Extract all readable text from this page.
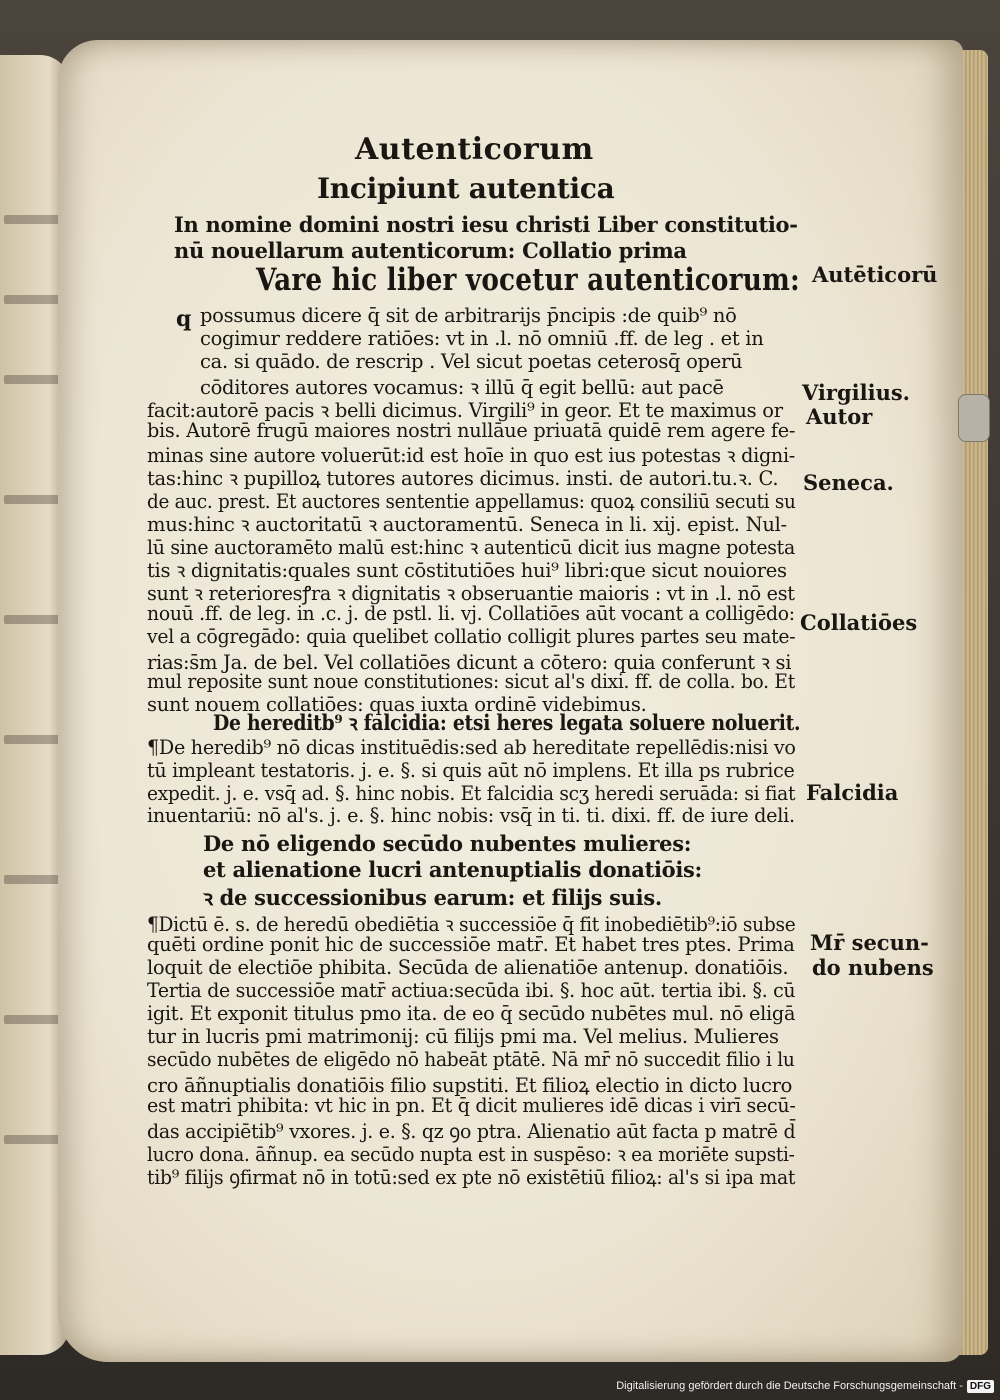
Autenticorum
Incipiunt autentica
In nomine domini nostri iesu christi Liber constitutio-
nū nouellarum autenticorum: Collatio prima
Vare hic liber vocetur autenticorum:
q possumus dicere q̄ sit de arbitrarijs p̄ncipis :de quib⁹ nō
cogimur reddere ratiōes: vt in .l. nō omniū .ff. de leg . et in
ca. si quādo. de rescrip . Vel sicut poetas ceterosq̄ operū
cōditores autores vocamus: ꝛ illū q̄ egit bellū: aut pacē
facit:autorē pacis ꝛ belli dicimus. Virgili⁹ in geor. Et te maximus or
bis. Autorē frugū maiores nostri nullāue priuatā quidē rem agere fe-
minas sine autore voluerūt:id est hoīe in quo est ius potestas ꝛ digni-
tas:hinc ꝛ pupilloꝝ tutores autores dicimus. insti. de autori.tu.ꝛ. C.
de auc. prest. Et auctores sententie appellamus: quoꝝ consiliū secuti su
mus:hinc ꝛ auctoritatū ꝛ auctoramentū. Seneca in li. xij. epist. Nul-
lū sine auctoramēto malū est:hinc ꝛ autenticū dicit ius magne potesta
tis ꝛ dignitatis:quales sunt cōstitutiōes hui⁹ libri:que sicut nouiores
sunt ꝛ reterioresꝭra ꝛ dignitatis ꝛ obseruantie maioris : vt in .l. nō est
nouū .ff. de leg. in .c. j. de pstl. li. vj. Collatiōes aūt vocant a colligēdo:
vel a cōgregādo: quia quelibet collatio colligit plures partes seu mate-
rias:s̄m Ja. de bel. Vel collatiōes dicunt a cōtero: quia conferunt ꝛ si
mul reposite sunt noue constitutiones: sicut al's dixi. ff. de colla. bo. Et
sunt nouem collatiōes: quas iuxta ordinē videbimus.
De hereditb⁹ ꝛ falcidia: etsi heres legata soluere noluerit.
¶De heredib⁹ nō dicas instituēdis:sed ab hereditate repellēdis:nisi vo
tū impleant testatoris. j. e. §. si quis aūt nō implens. Et illa ps rubrice
expedit. j. e. vsq̄ ad. §. hinc nobis. Et falcidia scʒ heredi seruāda: si fiat
inuentariū: nō al's. j. e. §. hinc nobis: vsq̄ in ti. ti. dixi. ff. de iure deli.
De nō eligendo secūdo nubentes mulieres:
et alienatione lucri antenuptialis donatiōis:
ꝛ de successionibus earum: et filijs suis.
¶Dictū ē. s. de heredū obediētia ꝛ successiōe q̄ fit inobediētib⁹:iō subse
quēti ordine ponit hic de successiōe matr̄. Et habet tres ptes. Prima
loquit de electiōe phibita. Secūda de alienatiōe antenup. donatiōis.
Tertia de successiōe matr̄ actiua:secūda ibi. §. hoc aūt. tertia ibi. §. cū
igit. Et exponit titulus pmo ita. de eo q̄ secūdo nubētes mul. nō eligā
tur in lucris pmi matrimonij: cū filijs pmi ma. Vel melius. Mulieres
secūdo nubētes de eligēdo nō habeāt ptātē. Nā mr̄ nō succedit filio i lu
cro āñnuptialis donatiōis filio supstiti. Et filioꝝ electio in dicto lucro
est matri phibita: vt hic in pn. Et q̄ dicit mulieres idē dicas i virī secū-
das accipiētib⁹ vxores. j. e. §. qz ꝯo ptra. Alienatio aūt facta p matrē d̄
lucro dona. āñnup. ea secūdo nupta est in suspēso: ꝛ ea moriēte supsti-
tib⁹ filijs ꝯfirmat nō in totū:sed ex pte nō existētiū filioꝝ: al's si ipa mat
Autēticorū
Virgilius.
Autor
Seneca.
Collatiōes
Falcidia
Mr̄ secun-
do nubens
Digitalisierung gefördert durch die Deutsche Forschungsgemeinschaft - DFG
